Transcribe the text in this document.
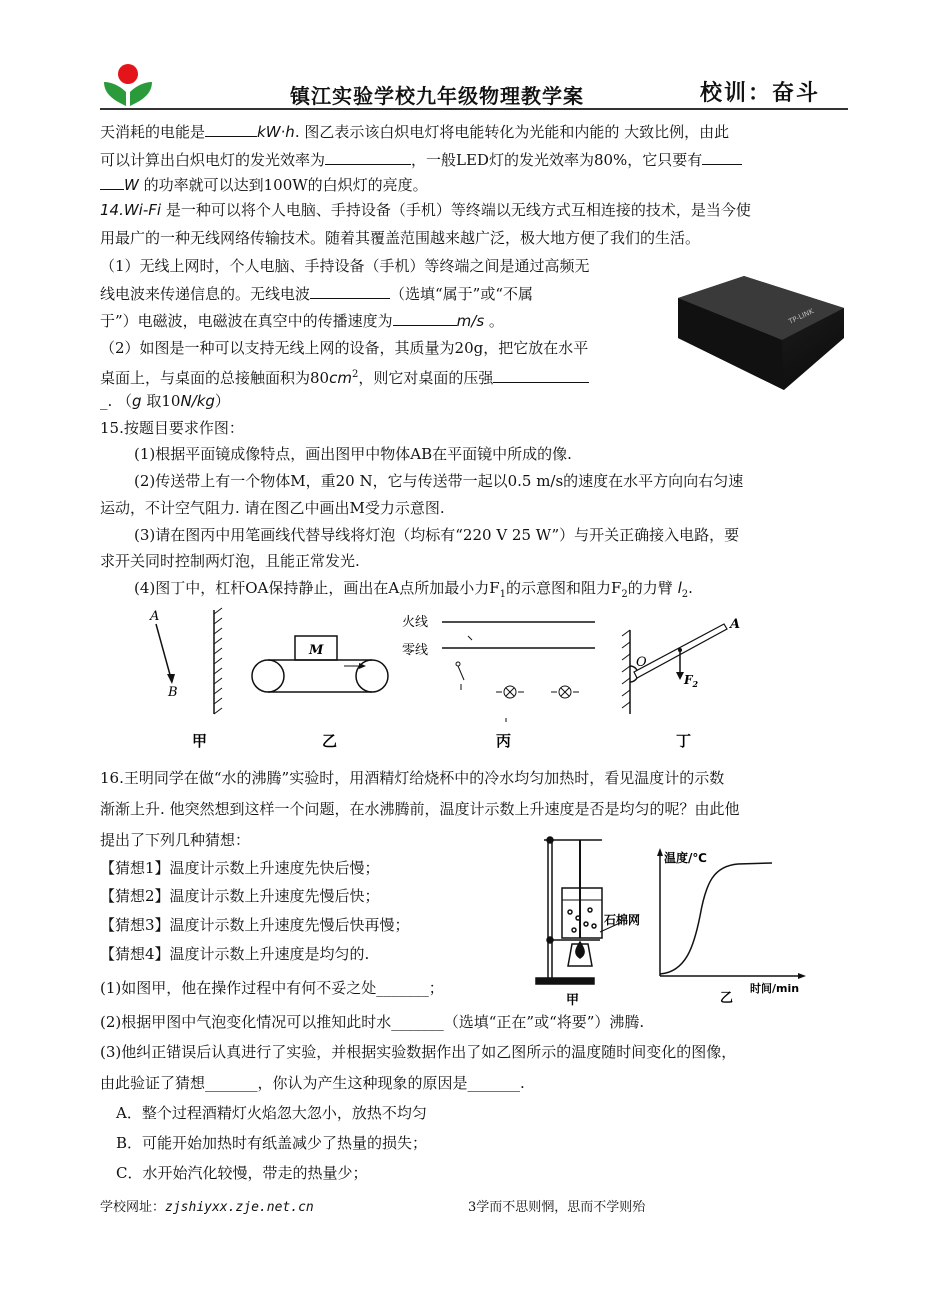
镇江实验学校九年级物理教学案	校训：奋斗
天消耗的电能是	kW·h. 图乙表示该白炽电灯将电能转化为光能和内能的 大致比例，由此
可以计算出白炽电灯的发光效率为	，一般LED灯的发光效率为80%，它只要有
W 的功率就可以达到100W的白炽灯的亮度。
14.Wi-Fi 是一种可以将个人电脑、手持设备（手机）等终端以无线方式互相连接的技术，是当今使
用最广的一种无线网络传输技术。随着其覆盖范围越来越广泛，极大地方便了我们的生活。
（1）无线上网时，个人电脑、手持设备（手机）等终端之间是通过高频无
线电波来传递信息的。无线电波	（选填“属于”或“不属
于”）电磁波，电磁波在真空中的传播速度为	m/s 。
（2）如图是一种可以支持无线上网的设备，其质量为20g，把它放在水平
桌面上，与桌面的总接触面积为$80cm^2$，则它对桌面的压强
_. （g 取10N/kg）
TP-LINK
15.按题目要求作图：
(1)根据平面镜成像特点，画出图甲中物体AB在平面镜中所成的像.
(2)传送带上有一个物体M，重20 N，它与传送带一起以0.5 m/s的速度在水平方向向右匀速
运动，不计空气阻力. 请在图乙中画出M受力示意图.
(3)请在图丙中用笔画线代替导线将灯泡（均标有“220 V 25 W”）与开关正确接入电路，要
求开关同时控制两灯泡，且能正常发光.
(4)图丁中，杠杆OA保持静止，画出在A点所加最小力$F_1$的示意图和阻力$F_2$的力臂 $l_2$.
A
B
M
火线
零线
O
A
$F_2$
甲	乙	丙	丁
16.王明同学在做“水的沸腾”实验时，用酒精灯给烧杯中的冷水均匀加热时，看见温度计的示数
渐渐上升. 他突然想到这样一个问题，在水沸腾前，温度计示数上升速度是否是均匀的呢？由此他
提出了下列几种猜想：
【猜想1】温度计示数上升速度先快后慢；
【猜想2】温度计示数上升速度先慢后快；
【猜想3】温度计示数上升速度先慢后快再慢；
【猜想4】温度计示数上升速度是均匀的.
(1)如图甲，他在操作过程中有何不妥之处_______；
(2)根据甲图中气泡变化情况可以推知此时水_______（选填“正在”或“将要”）沸腾.
(3)他纠正错误后认真进行了实验，并根据实验数据作出了如乙图所示的温度随时间变化的图像，
由此验证了猜想_______，你认为产生这种现象的原因是_______.
A．整个过程酒精灯火焰忽大忽小，放热不均匀
B．可能开始加热时有纸盖减少了热量的损失；
C．水开始汽化较慢，带走的热量少；
石棉网
甲
温度/℃
时间/min
乙
学校网址：zjshiyxx.zje.net.cn	3学而不思则惘，思而不学则殆
